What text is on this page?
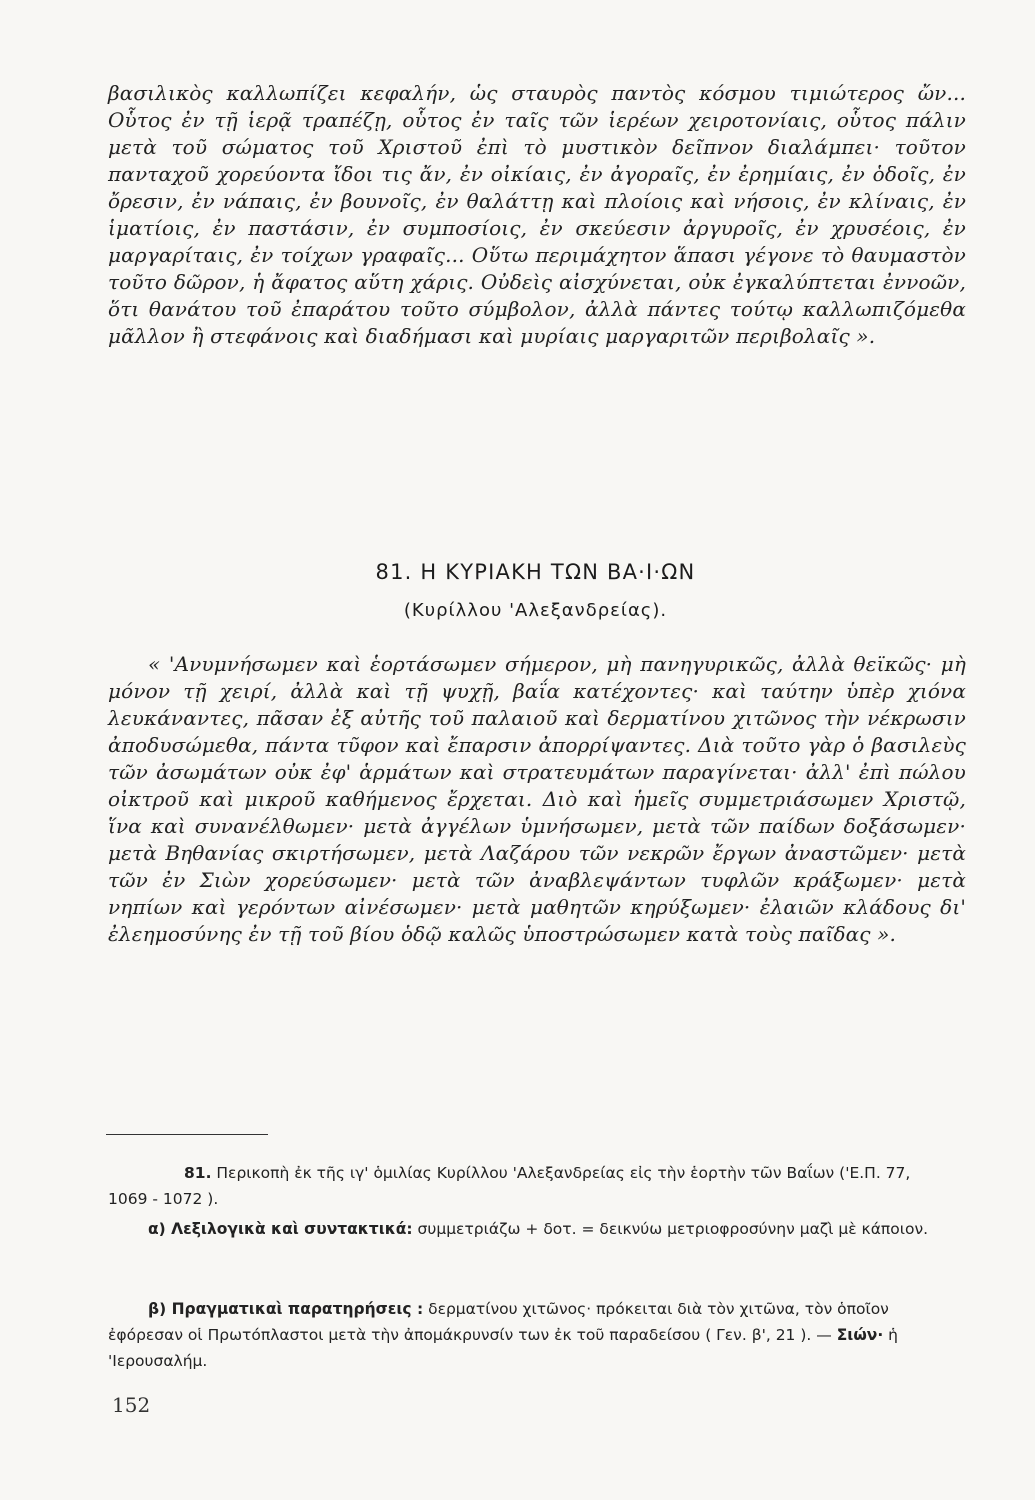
βασιλικὸς καλλωπίζει κεφαλήν, ὡς σταυρὸς παντὸς κόσμου τιμιώτερος ὤν... Οὗτος ἐν τῇ ἱερᾷ τραπέζῃ, οὗτος ἐν ταῖς τῶν ἱερέων χειροτονίαις, οὗτος πάλιν μετὰ τοῦ σώματος τοῦ Χριστοῦ ἐπὶ τὸ μυστικὸν δεῖπνον διαλάμπει· τοῦτον πανταχοῦ χορεύοντα ἴδοι τις ἄν, ἐν οἰκίαις, ἐν ἀγοραῖς, ἐν ἐρημίαις, ἐν ὁδοῖς, ἐν ὄρεσιν, ἐν νάπαις, ἐν βουνοῖς, ἐν θαλάττῃ καὶ πλοίοις καὶ νήσοις, ἐν κλίναις, ἐν ἱματίοις, ἐν παστάσιν, ἐν συμποσίοις, ἐν σκεύεσιν ἀργυροῖς, ἐν χρυσέοις, ἐν μαργαρίταις, ἐν τοίχων γραφαῖς... Οὕτω περιμάχητον ἅπασι γέγονε τὸ θαυμαστὸν τοῦτο δῶρον, ἡ ἄφατος αὕτη χάρις. Οὐδεὶς αἰσχύνεται, οὐκ ἐγκαλύπτεται ἐννοῶν, ὅτι θανάτου τοῦ ἐπαράτου τοῦτο σύμβολον, ἀλλὰ πάντες τούτῳ καλλωπιζόμεθα μᾶλλον ἢ στεφάνοις καὶ διαδήμασι καὶ μυρίαις μαργαριτῶν περιβολαῖς ».

81. Η ΚΥΡΙΑΚΗ ΤΩΝ ΒΑ·Ι·ΩΝ
(Κυρίλλου 'Αλεξανδρείας).

« 'Ανυμνήσωμεν καὶ ἑορτάσωμεν σήμερον, μὴ πανηγυρικῶς, ἀλλὰ θεϊκῶς· μὴ μόνον τῇ χειρί, ἀλλὰ καὶ τῇ ψυχῇ, βαΐα κατέχοντες· καὶ ταύτην ὑπὲρ χιόνα λευκάναντες, πᾶσαν ἐξ αὐτῆς τοῦ παλαιοῦ καὶ δερματίνου χιτῶνος τὴν νέκρωσιν ἀποδυσώμεθα, πάντα τῦφον καὶ ἔπαρσιν ἀπορρίψαντες. Διὰ τοῦτο γὰρ ὁ βασιλεὺς τῶν ἀσωμάτων οὐκ ἐφ' ἁρμάτων καὶ στρατευμάτων παραγίνεται· ἀλλ' ἐπὶ πώλου οἰκτροῦ καὶ μικροῦ καθήμενος ἔρχεται. Διὸ καὶ ἡμεῖς συμμετριάσωμεν Χριστῷ, ἵνα καὶ συνανέλθωμεν· μετὰ ἀγγέλων ὑμνήσωμεν, μετὰ τῶν παίδων δοξάσωμεν· μετὰ Βηθανίας σκιρτήσωμεν, μετὰ Λαζάρου τῶν νεκρῶν ἔργων ἀναστῶμεν· μετὰ τῶν ἐν Σιὼν χορεύσωμεν· μετὰ τῶν ἀναβλεψάντων τυφλῶν κράξωμεν· μετὰ νηπίων καὶ γερόντων αἰνέσωμεν· μετὰ μαθητῶν κηρύξωμεν· ἐλαιῶν κλάδους δι' ἐλεημοσύνης ἐν τῇ τοῦ βίου ὁδῷ καλῶς ὑποστρώσωμεν κατὰ τοὺς παῖδας ».

81. Περικοπὴ ἐκ τῆς ιγ' ὁμιλίας Κυρίλλου 'Αλεξανδρείας εἰς τὴν ἑορτὴν τῶν Βαΐων ('Ε.Π. 77, 1069 - 1072 ).

α) Λεξιλογικὰ καὶ συντακτικά: συμμετριάζω + δοτ. = δεικνύω μετριοφροσύνην μαζὶ μὲ κάποιον.

β) Πραγματικαὶ παρατηρήσεις : δερματίνου χιτῶνος· πρόκειται διὰ τὸν χιτῶνα, τὸν ὁποῖον ἐφόρεσαν οἱ Πρωτόπλαστοι μετὰ τὴν ἀπομάκρυνσίν των ἐκ τοῦ παραδείσου ( Γεν. β', 21 ). — Σιών· ἡ 'Ιερουσαλήμ.

152
